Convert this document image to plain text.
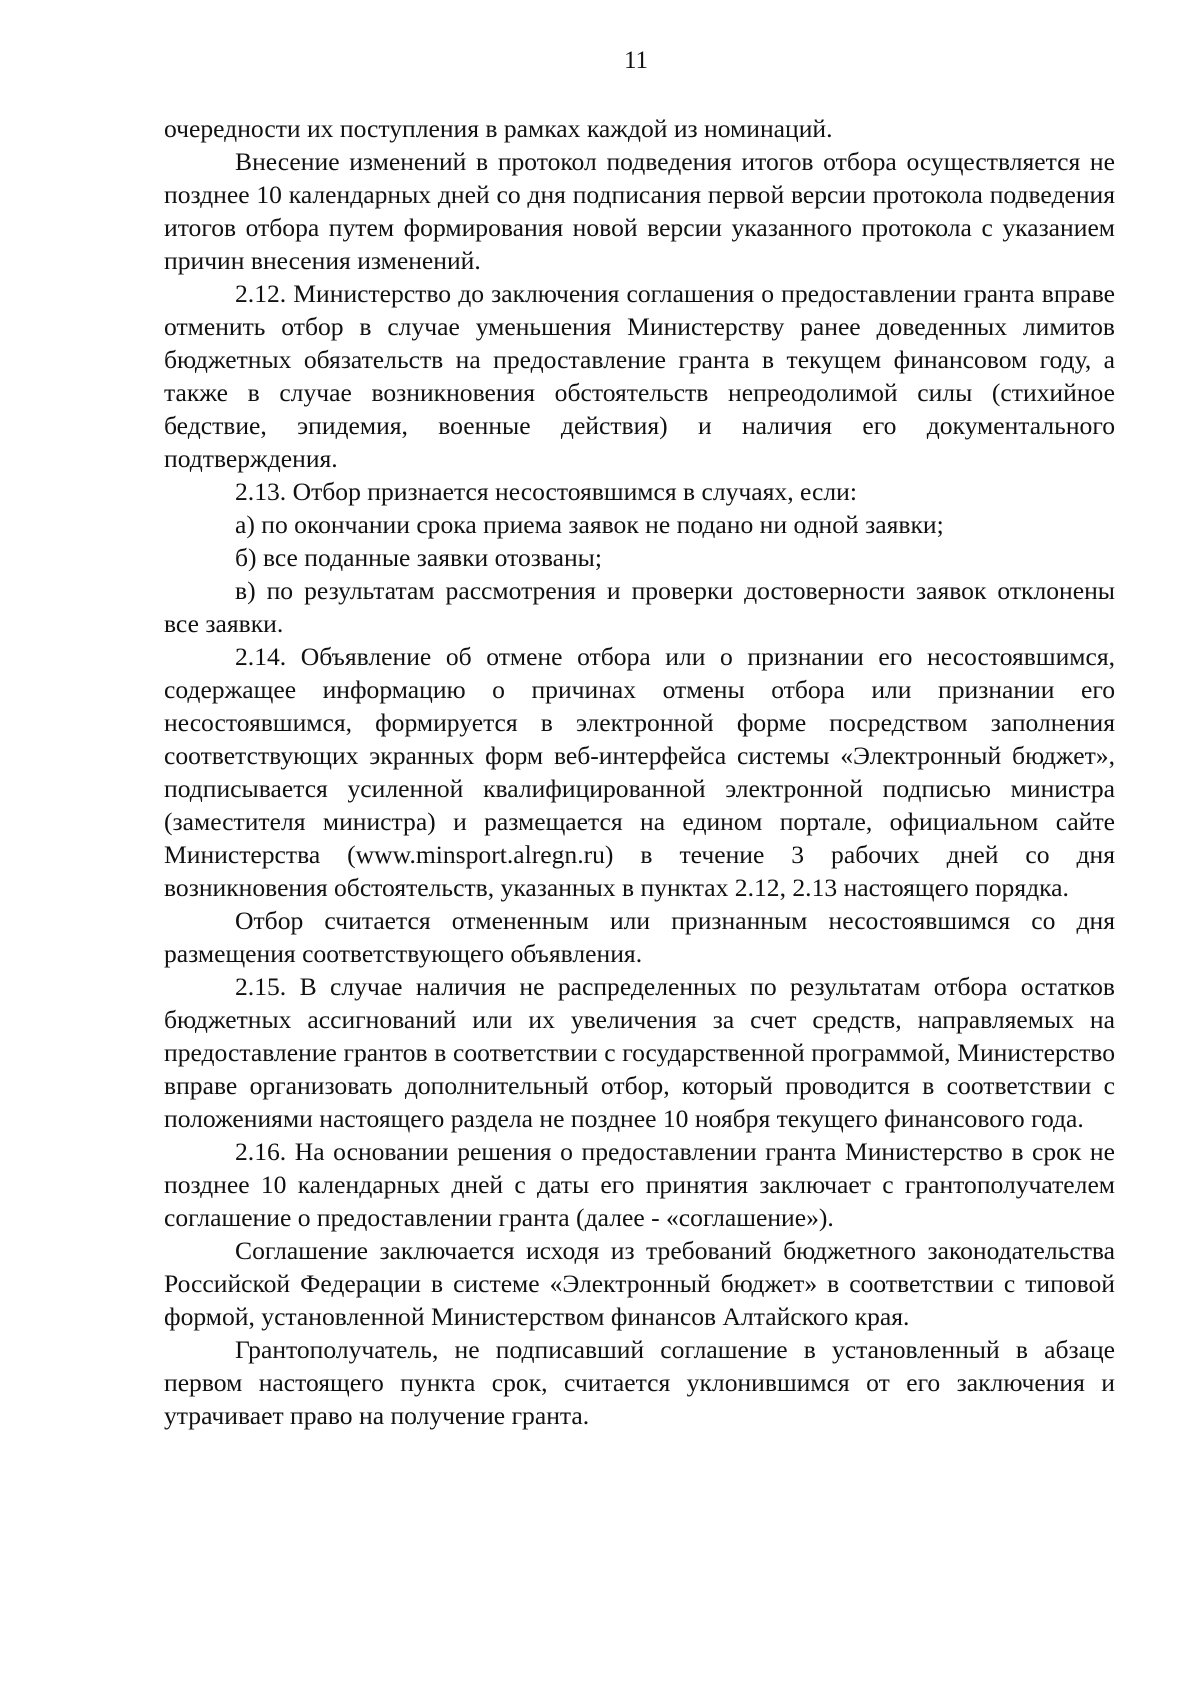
11

очередности их поступления в рамках каждой из номинаций.

Внесение изменений в протокол подведения итогов отбора осуществляется не позднее 10 календарных дней со дня подписания первой версии протокола подведения итогов отбора путем формирования новой версии указанного протокола с указанием причин внесения изменений.

2.12. Министерство до заключения соглашения о предоставлении гранта вправе отменить отбор в случае уменьшения Министерству ранее доведенных лимитов бюджетных обязательств на предоставление гранта в текущем финансовом году, а также в случае возникновения обстоятельств непреодолимой силы (стихийное бедствие, эпидемия, военные действия) и наличия его документального подтверждения.

2.13. Отбор признается несостоявшимся в случаях, если:

а) по окончании срока приема заявок не подано ни одной заявки;

б) все поданные заявки отозваны;

в) по результатам рассмотрения и проверки достоверности заявок отклонены все заявки.

2.14. Объявление об отмене отбора или о признании его несостоявшимся, содержащее информацию о причинах отмены отбора или признании его несостоявшимся, формируется в электронной форме посредством заполнения соответствующих экранных форм веб-интерфейса системы «Электронный бюджет», подписывается усиленной квалифицированной электронной подписью министра (заместителя министра) и размещается на едином портале, официальном сайте Министерства (www.minsport.alregn.ru) в течение 3 рабочих дней со дня возникновения обстоятельств, указанных в пунктах 2.12, 2.13 настоящего порядка.

Отбор считается отмененным или признанным несостоявшимся со дня размещения соответствующего объявления.

2.15. В случае наличия не распределенных по результатам отбора остатков бюджетных ассигнований или их увеличения за счет средств, направляемых на предоставление грантов в соответствии с государственной программой, Министерство вправе организовать дополнительный отбор, который проводится в соответствии с положениями настоящего раздела не позднее 10 ноября текущего финансового года.

2.16. На основании решения о предоставлении гранта Министерство в срок не позднее 10 календарных дней с даты его принятия заключает с грантополучателем соглашение о предоставлении гранта (далее - «соглашение»).

Соглашение заключается исходя из требований бюджетного законодательства Российской Федерации в системе «Электронный бюджет» в соответствии с типовой формой, установленной Министерством финансов Алтайского края.

Грантополучатель, не подписавший соглашение в установленный в абзаце первом настоящего пункта срок, считается уклонившимся от его заключения и утрачивает право на получение гранта.
